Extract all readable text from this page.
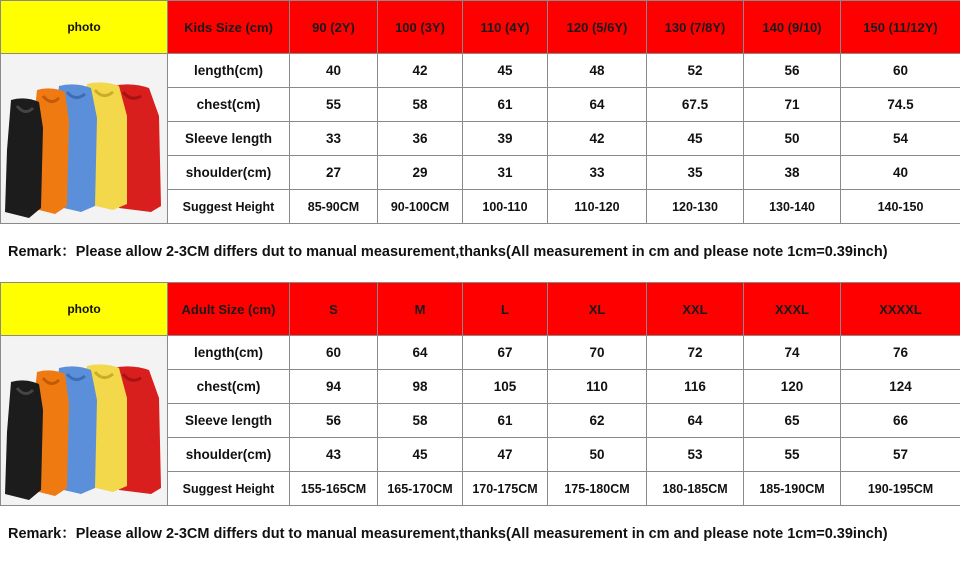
photo	Kids Size (cm)	90 (2Y)	100 (3Y)	110 (4Y)	120 (5/6Y)	130 (7/8Y)	140 (9/10)	150 (11/12Y)

	length(cm)	40	42	45	48	52	56	60
	chest(cm)	55	58	61	64	67.5	71	74.5
	Sleeve length	33	36	39	42	45	50	54
	shoulder(cm)	27	29	31	33	35	38	40
	Suggest Height	85-90CM	90-100CM	100-110	110-120	120-130	130-140	140-150
Remark：Please allow 2-3CM differs dut to manual measurement,thanks(All measurement in cm and please note 1cm=0.39inch)
photo	Adult Size (cm)	S	M	L	XL	XXL	XXXL	XXXXL

	length(cm)	60	64	67	70	72	74	76
	chest(cm)	94	98	105	110	116	120	124
	Sleeve length	56	58	61	62	64	65	66
	shoulder(cm)	43	45	47	50	53	55	57
	Suggest Height	155-165CM	165-170CM	170-175CM	175-180CM	180-185CM	185-190CM	190-195CM
Remark：Please allow 2-3CM differs dut to manual measurement,thanks(All measurement in cm and please note 1cm=0.39inch)
